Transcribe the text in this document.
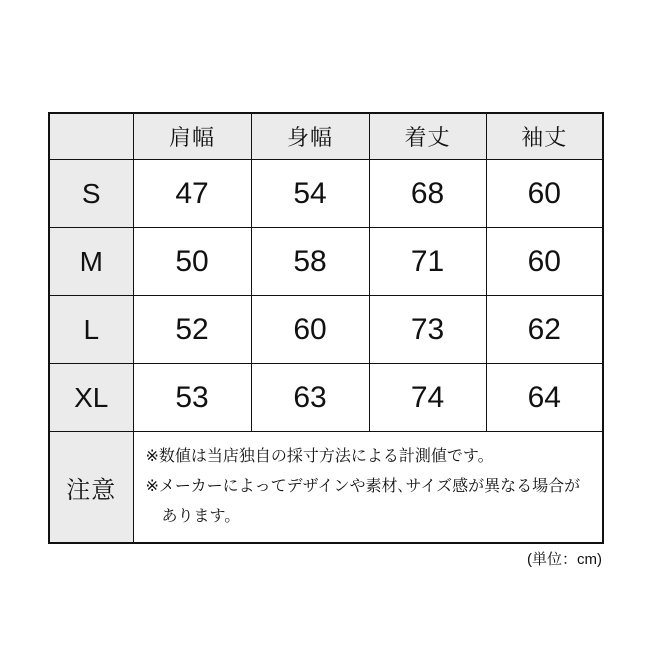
	肩幅	身幅	着丈	袖丈
S	47	54	68	60
M	50	58	71	60
L	52	60	73	62
XL	53	63	74	64
注意	※数値は当店独自の採寸方法による計測値です。
※メーカーによってデザインや素材､サイズ感が異なる場合が
　あります。			
(単位：cm)
